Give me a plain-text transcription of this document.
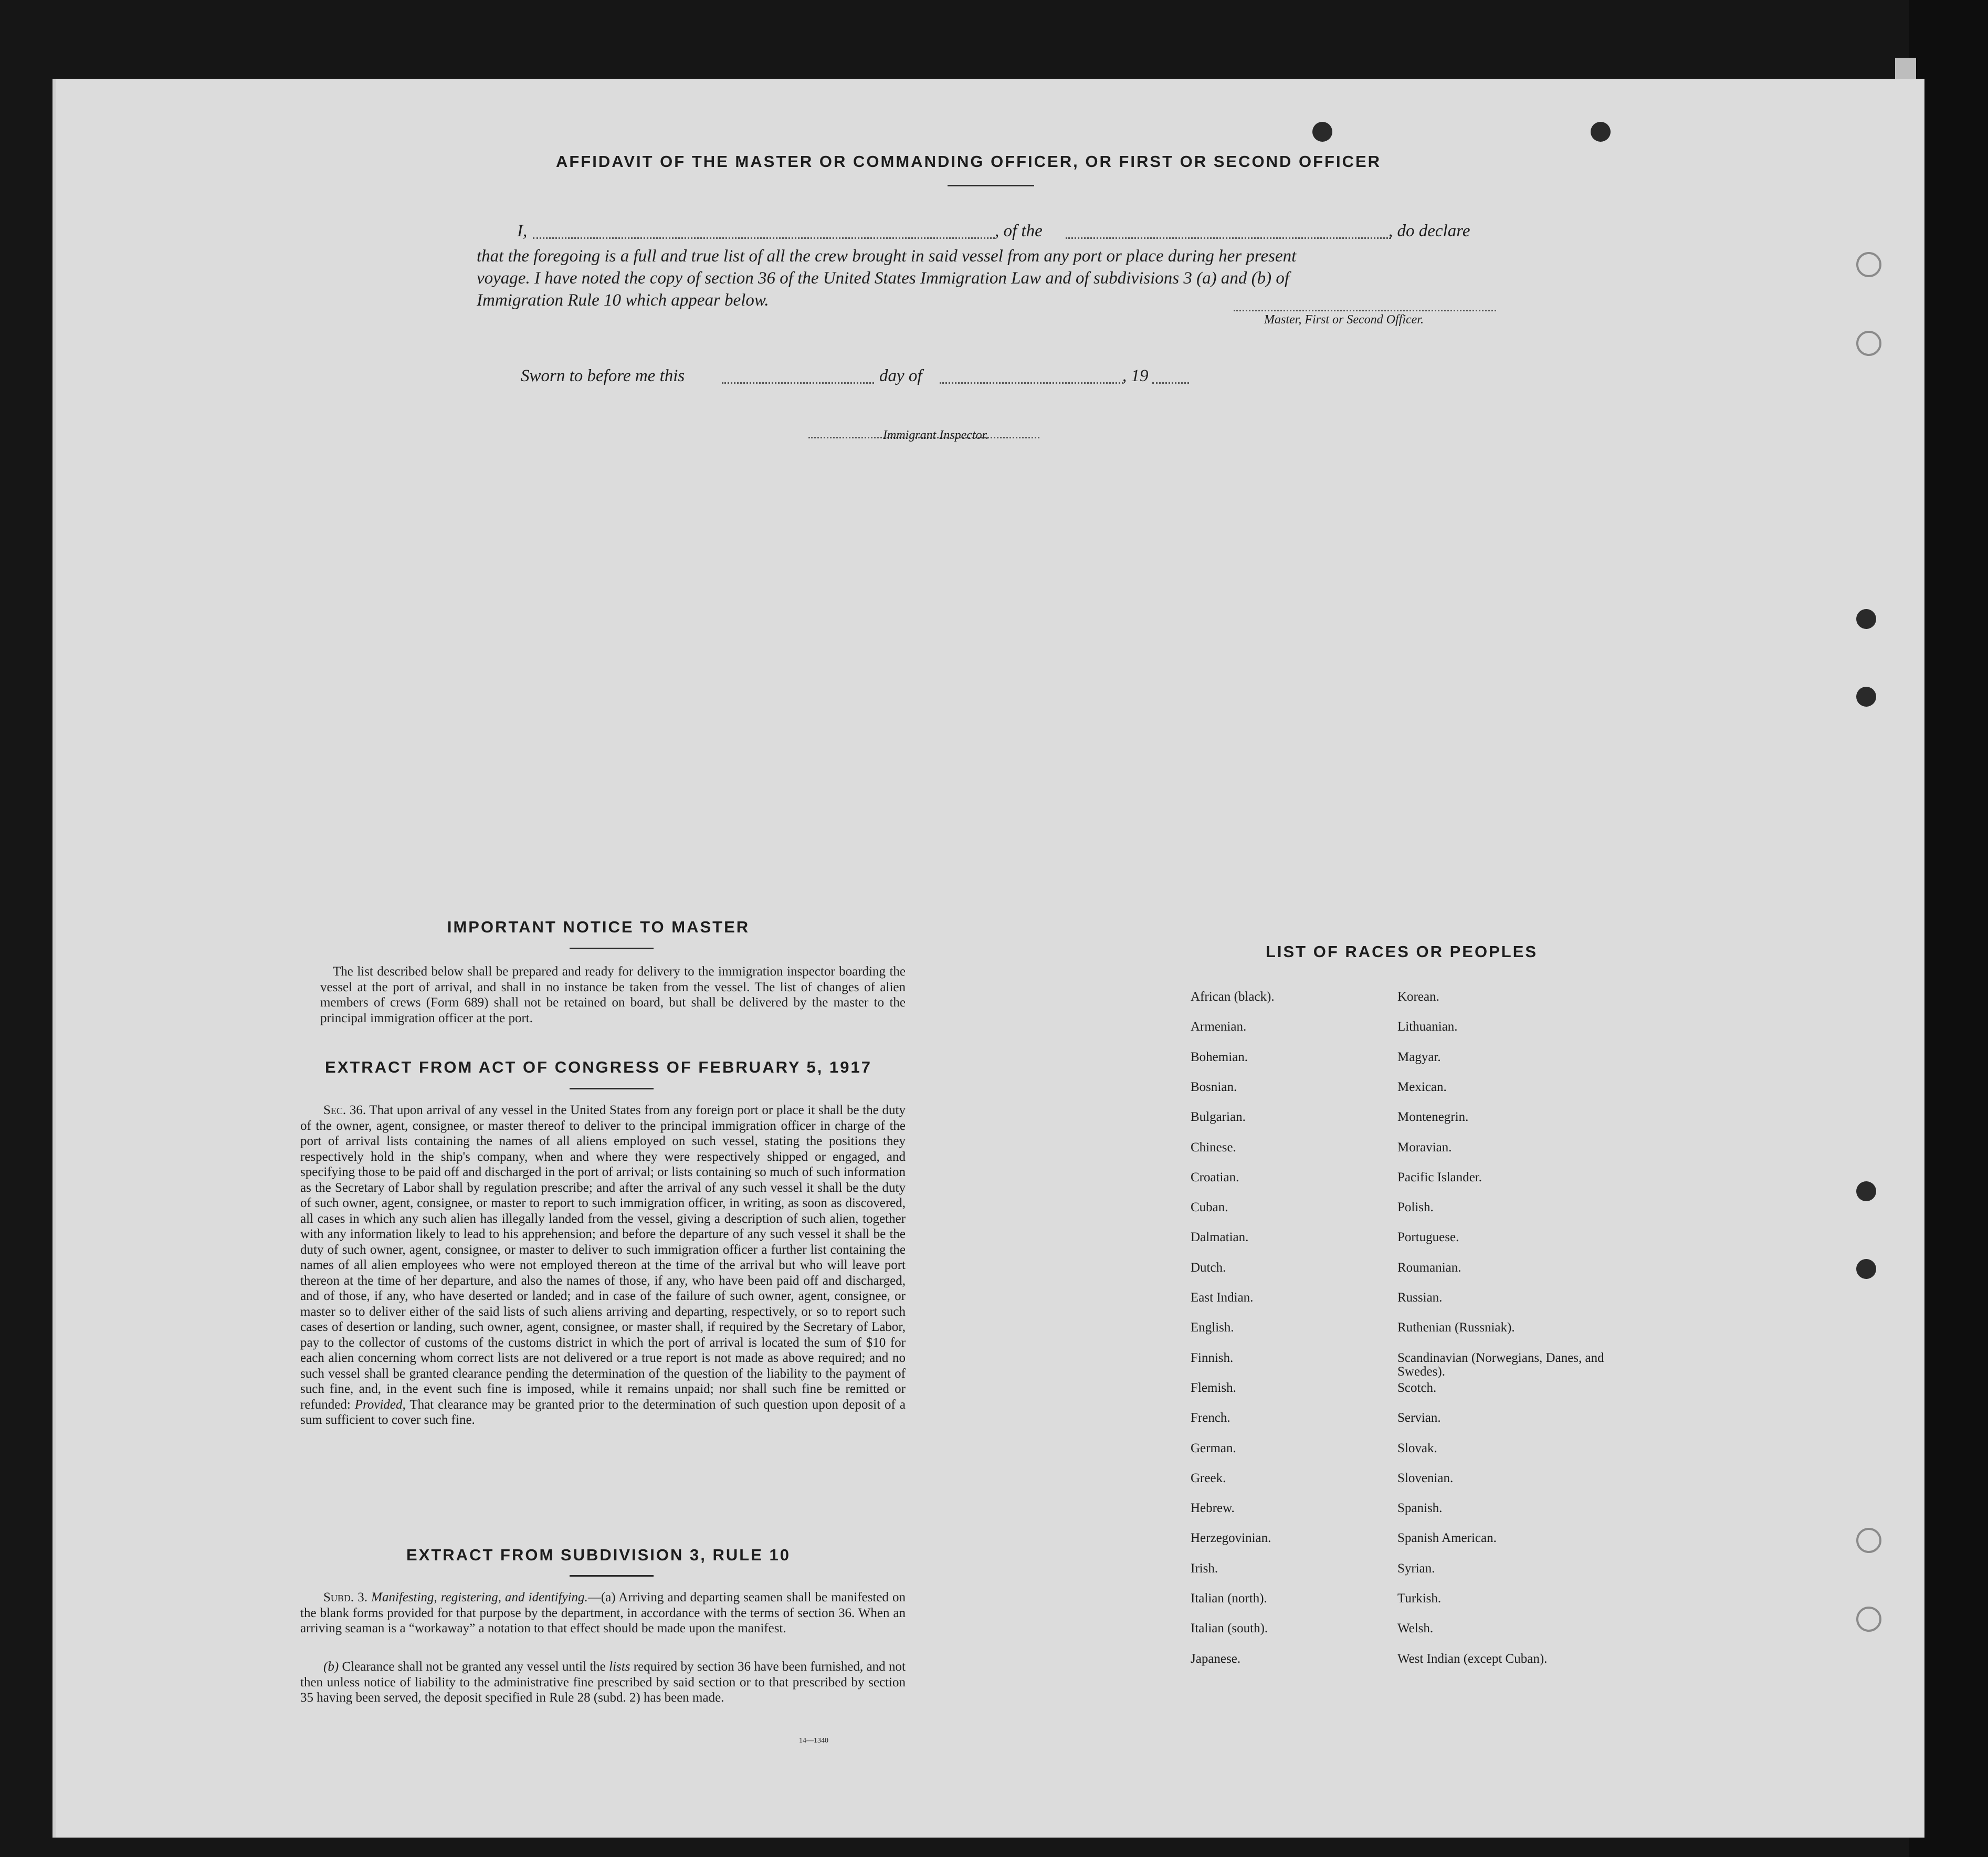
AFFIDAVIT OF THE MASTER OR COMMANDING OFFICER, OR FIRST OR SECOND OFFICER
I,	, of the	, do declare
that the foregoing is a full and true list of all the crew brought in said vessel from any port or place during her present
voyage. I have noted the copy of section 36 of the United States Immigration Law and of subdivisions 3 (a) and (b) of
Immigration Rule 10 which appear below.
Master, First or Second Officer.
Sworn to before me this	day of	, 19
Immigrant Inspector.
IMPORTANT NOTICE TO MASTER
The list described below shall be prepared and ready for delivery to the immigration inspector boarding the vessel at the port of arrival, and shall in no instance be taken from the vessel. The list of changes of alien members of crews (Form 689) shall not be retained on board, but shall be delivered by the master to the principal immigration officer at the port.
EXTRACT FROM ACT OF CONGRESS OF FEBRUARY 5, 1917
Sec. 36. That upon arrival of any vessel in the United States from any foreign port or place it shall be the duty of the owner, agent, consignee, or master thereof to deliver to the principal immigration officer in charge of the port of arrival lists containing the names of all aliens employed on such vessel, stating the positions they respectively hold in the ship's company, when and where they were respectively shipped or engaged, and specifying those to be paid off and discharged in the port of arrival; or lists containing so much of such information as the Secretary of Labor shall by regulation prescribe; and after the arrival of any such vessel it shall be the duty of such owner, agent, consignee, or master to report to such immigration officer, in writing, as soon as discovered, all cases in which any such alien has illegally landed from the vessel, giving a description of such alien, together with any information likely to lead to his apprehension; and before the departure of any such vessel it shall be the duty of such owner, agent, consignee, or master to deliver to such immigration officer a further list containing the names of all alien employees who were not employed thereon at the time of the arrival but who will leave port thereon at the time of her departure, and also the names of those, if any, who have been paid off and discharged, and of those, if any, who have deserted or landed; and in case of the failure of such owner, agent, consignee, or master so to deliver either of the said lists of such aliens arriving and departing, respectively, or so to report such cases of desertion or landing, such owner, agent, consignee, or master shall, if required by the Secretary of Labor, pay to the collector of customs of the customs district in which the port of arrival is located the sum of $10 for each alien concerning whom correct lists are not delivered or a true report is not made as above required; and no such vessel shall be granted clearance pending the determination of the question of the liability to the payment of such fine, and, in the event such fine is imposed, while it remains unpaid; nor shall such fine be remitted or refunded: Provided, That clearance may be granted prior to the determination of such question upon deposit of a sum sufficient to cover such fine.
EXTRACT FROM SUBDIVISION 3, RULE 10
Subd. 3. Manifesting, registering, and identifying.—(a) Arriving and departing seamen shall be manifested on the blank forms provided for that purpose by the department, in accordance with the terms of section 36. When an arriving seaman is a “workaway” a notation to that effect should be made upon the manifest.
(b) Clearance shall not be granted any vessel until the lists required by section 36 have been furnished, and not then unless notice of liability to the administrative fine prescribed by said section or to that prescribed by section 35 having been served, the deposit specified in Rule 28 (subd. 2) has been made.
14—1340
LIST OF RACES OR PEOPLES
African (black).
Armenian.
Bohemian.
Bosnian.
Bulgarian.
Chinese.
Croatian.
Cuban.
Dalmatian.
Dutch.
East Indian.
English.
Finnish.
Flemish.
French.
German.
Greek.
Hebrew.
Herzegovinian.
Irish.
Italian (north).
Italian (south).
Japanese.
Korean.
Lithuanian.
Magyar.
Mexican.
Montenegrin.
Moravian.
Pacific Islander.
Polish.
Portuguese.
Roumanian.
Russian.
Ruthenian (Russniak).
Scandinavian (Norwegians, Danes, and Swedes).
Scotch.
Servian.
Slovak.
Slovenian.
Spanish.
Spanish American.
Syrian.
Turkish.
Welsh.
West Indian (except Cuban).
